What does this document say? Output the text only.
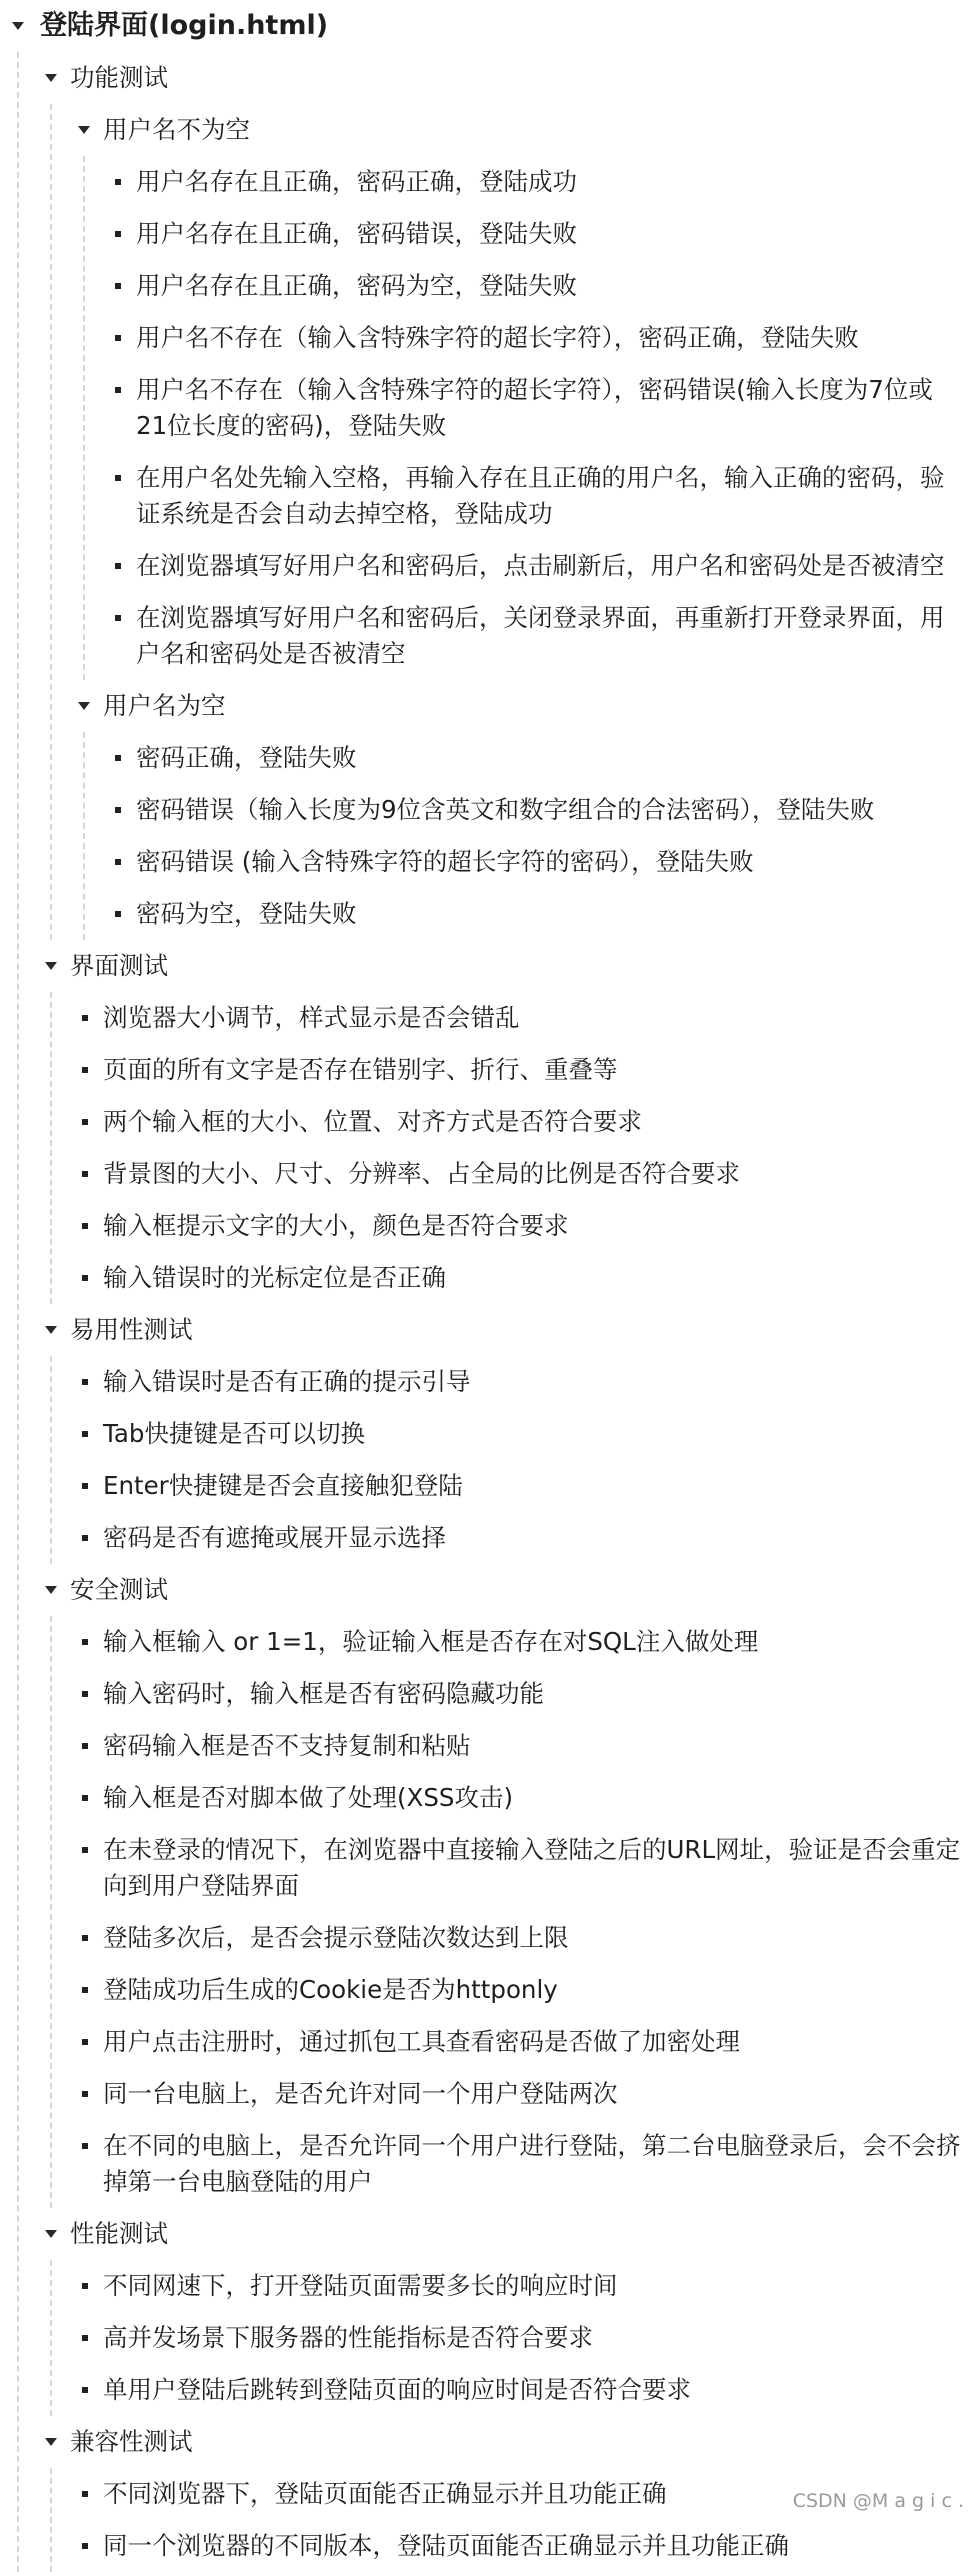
登陆界面(login.html)
功能测试
用户名不为空
用户名存在且正确，密码正确，登陆成功
用户名存在且正确，密码错误，登陆失败
用户名存在且正确，密码为空，登陆失败
用户名不存在（输入含特殊字符的超长字符），密码正确，登陆失败
用户名不存在（输入含特殊字符的超长字符），密码错误(输入长度为7位或
21位长度的密码)，登陆失败
在用户名处先输入空格，再输入存在且正确的用户名，输入正确的密码，验
证系统是否会自动去掉空格，登陆成功
在浏览器填写好用户名和密码后，点击刷新后，用户名和密码处是否被清空
在浏览器填写好用户名和密码后，关闭登录界面，再重新打开登录界面，用
户名和密码处是否被清空
用户名为空
密码正确，登陆失败
密码错误（输入长度为9位含英文和数字组合的合法密码），登陆失败
密码错误 (输入含特殊字符的超长字符的密码），登陆失败
密码为空，登陆失败
界面测试
浏览器大小调节，样式显示是否会错乱
页面的所有文字是否存在错别字、折行、重叠等
两个输入框的大小、位置、对齐方式是否符合要求
背景图的大小、尺寸、分辨率、占全局的比例是否符合要求
输入框提示文字的大小，颜色是否符合要求
输入错误时的光标定位是否正确
易用性测试
输入错误时是否有正确的提示引导
Tab快捷键是否可以切换
Enter快捷键是否会直接触犯登陆
密码是否有遮掩或展开显示选择
安全测试
输入框输入 or 1=1，验证输入框是否存在对SQL注入做处理
输入密码时，输入框是否有密码隐藏功能
密码输入框是否不支持复制和粘贴
输入框是否对脚本做了处理(XSS攻击)
在未登录的情况下，在浏览器中直接输入登陆之后的URL网址，验证是否会重定
向到用户登陆界面
登陆多次后，是否会提示登陆次数达到上限
登陆成功后生成的Cookie是否为httponly
用户点击注册时，通过抓包工具查看密码是否做了加密处理
同一台电脑上，是否允许对同一个用户登陆两次
在不同的电脑上，是否允许同一个用户进行登陆，第二台电脑登录后，会不会挤
掉第一台电脑登陆的用户
性能测试
不同网速下，打开登陆页面需要多长的响应时间
高并发场景下服务器的性能指标是否符合要求
单用户登陆后跳转到登陆页面的响应时间是否符合要求
兼容性测试
不同浏览器下，登陆页面能否正确显示并且功能正确
同一个浏览器的不同版本，登陆页面能否正确显示并且功能正确
CSDN @M a g i c .
